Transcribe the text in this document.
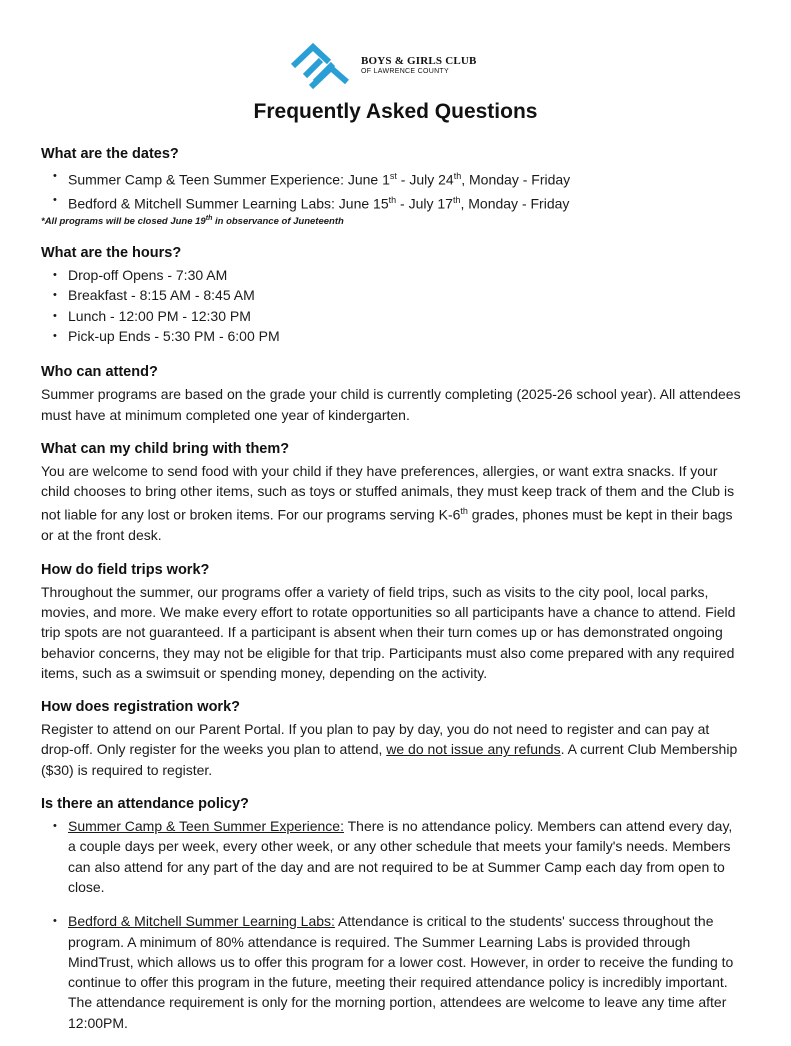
BOYS & GIRLS CLUB
OF LAWRENCE COUNTY
Frequently Asked Questions
What are the dates?
• Summer Camp & Teen Summer Experience: June 1st - July 24th, Monday - Friday
• Bedford & Mitchell Summer Learning Labs: June 15th - July 17th, Monday - Friday
*All programs will be closed June 19th in observance of Juneteenth
What are the hours?
• Drop-off Opens - 7:30 AM
• Breakfast - 8:15 AM - 8:45 AM
• Lunch - 12:00 PM - 12:30 PM
• Pick-up Ends - 5:30 PM - 6:00 PM
Who can attend?

Summer programs are based on the grade your child is currently completing (2025-26 school year). All attendees must have at minimum completed one year of kindergarten.

What can my child bring with them?

You are welcome to send food with your child if they have preferences, allergies, or want extra snacks. If your child chooses to bring other items, such as toys or stuffed animals, they must keep track of them and the Club is not liable for any lost or broken items. For our programs serving K-6th grades, phones must be kept in their bags or at the front desk.

How do field trips work?

Throughout the summer, our programs offer a variety of field trips, such as visits to the city pool, local parks, movies, and more. We make every effort to rotate opportunities so all participants have a chance to attend. Field trip spots are not guaranteed. If a participant is absent when their turn comes up or has demonstrated ongoing behavior concerns, they may not be eligible for that trip. Participants must also come prepared with any required items, such as a swimsuit or spending money, depending on the activity.

How does registration work?

Register to attend on our Parent Portal. If you plan to pay by day, you do not need to register and can pay at drop-off. Only register for the weeks you plan to attend, we do not issue any refunds. A current Club Membership ($30) is required to register.

Is there an attendance policy?
• Summer Camp & Teen Summer Experience: There is no attendance policy. Members can attend every day, a couple days per week, every other week, or any other schedule that meets your family's needs. Members can also attend for any part of the day and are not required to be at Summer Camp each day from open to close.
• Bedford & Mitchell Summer Learning Labs: Attendance is critical to the students' success throughout the program. A minimum of 80% attendance is required. The Summer Learning Labs is provided through MindTrust, which allows us to offer this program for a lower cost. However, in order to receive the funding to continue to offer this program in the future, meeting their required attendance policy is incredibly important. The attendance requirement is only for the morning portion, attendees are welcome to leave any time after 12:00PM.
